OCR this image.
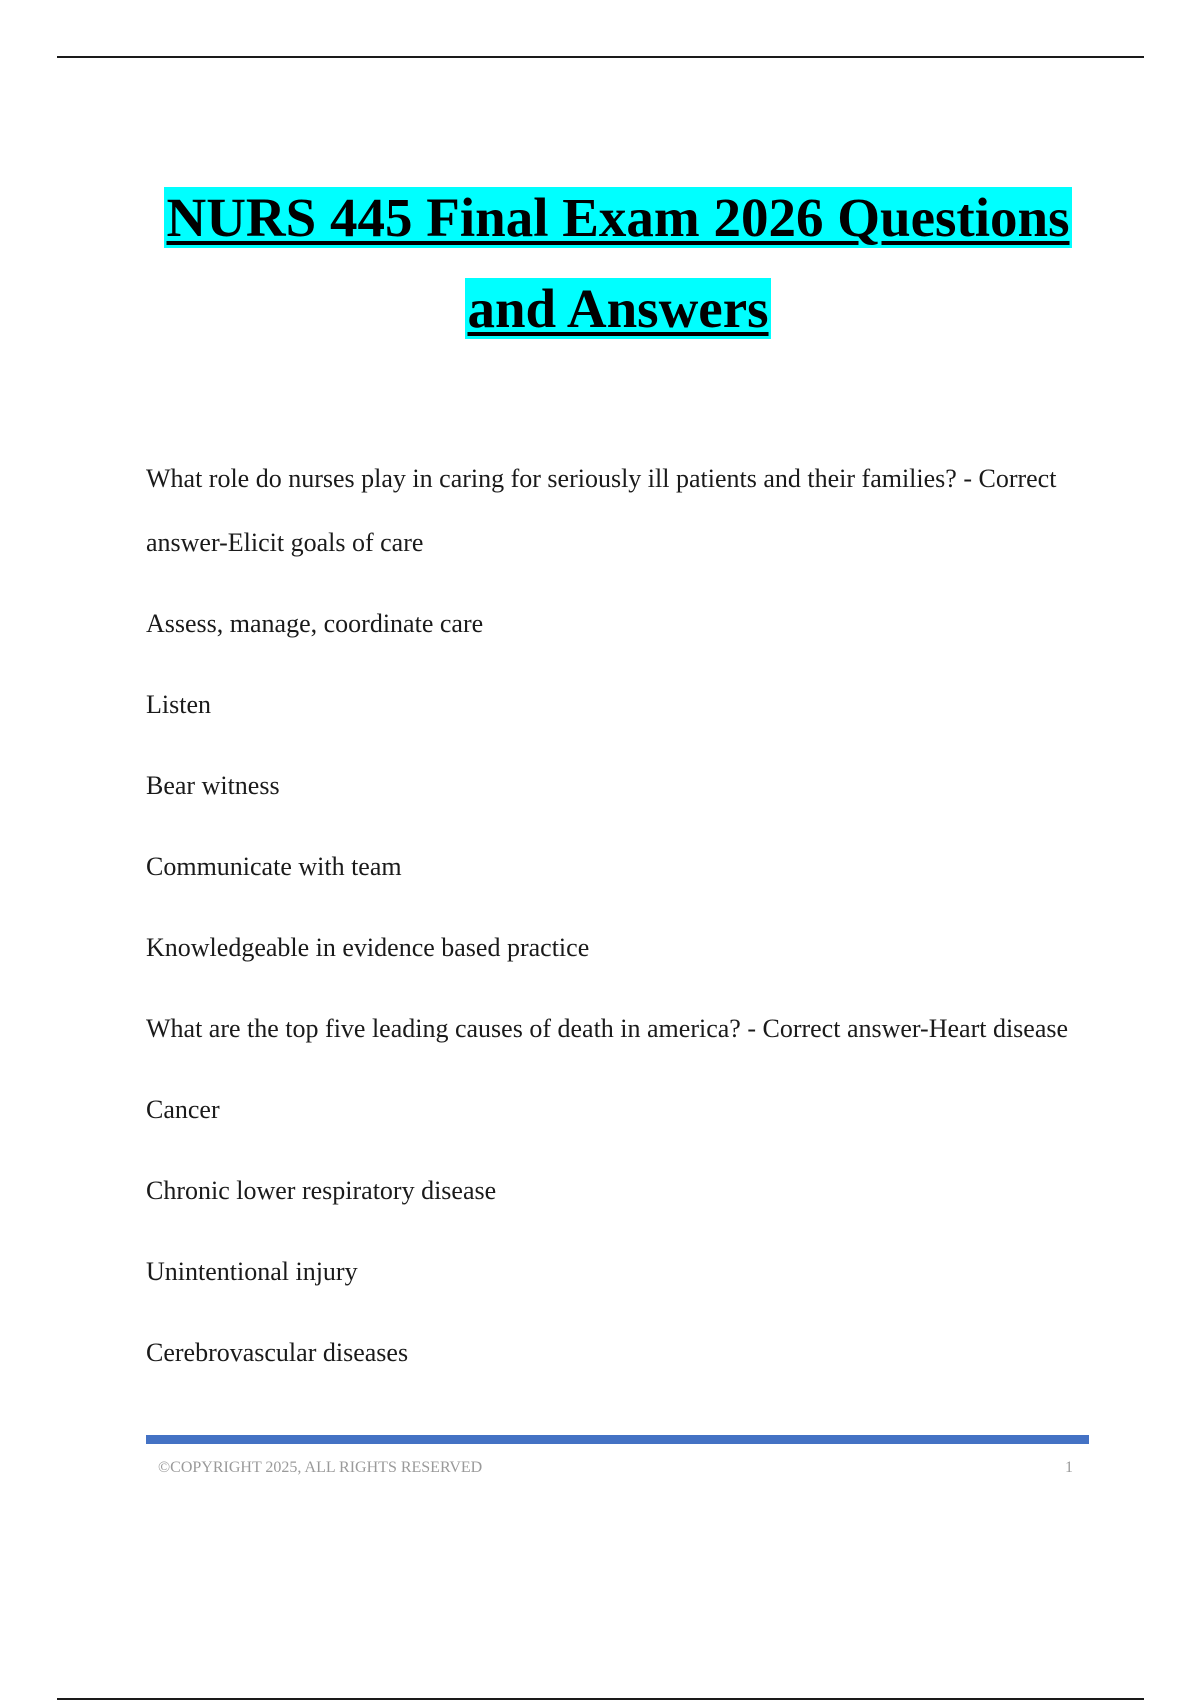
NURS 445 Final Exam 2026 Questions
and Answers

What role do nurses play in caring for seriously ill patients and their families? - Correct answer-Elicit goals of care

Assess, manage, coordinate care

Listen

Bear witness

Communicate with team

Knowledgeable in evidence based practice

What are the top five leading causes of death in america? - Correct answer-Heart disease

Cancer

Chronic lower respiratory disease

Unintentional injury

Cerebrovascular diseases

©COPYRIGHT 2025, ALL RIGHTS RESERVED	1
